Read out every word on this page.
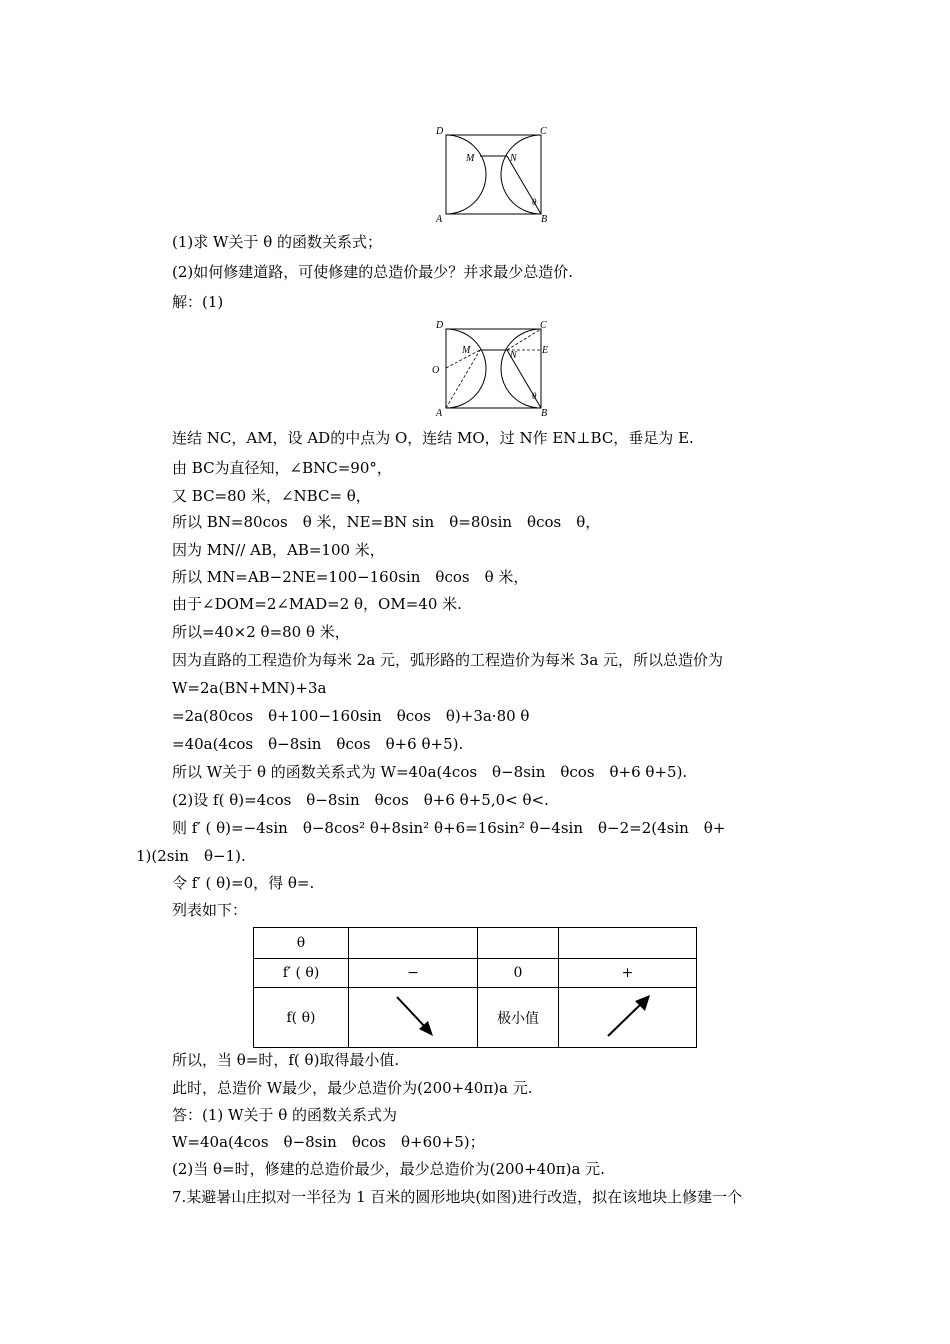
D	C
M	N
A	B
θ
(1)求 W关于 θ 的函数关系式；
(2)如何修建道路，可使修建的总造价最少？并求最少总造价.
解：(1)
D	C
M	N	E
O
A	B
θ
连结 NC，AM，设 AD的中点为 O，连结 MO，过 N作 EN⊥BC，垂足为 E.
由 BC为直径知，∠BNC=90°，
又 BC=80 米，∠NBC= θ，
所以 BN=80cos　θ 米，NE=BN sin　θ=80sin　θcos　θ，
因为 MN// AB，AB=100 米，
所以 MN=AB−2NE=100−160sin　θcos　θ 米，
由于∠DOM=2∠MAD=2 θ，OM=40 米.
所以=40×2 θ=80 θ 米，
因为直路的工程造价为每米 2a 元，弧形路的工程造价为每米 3a 元，所以总造价为
W=2a(BN+MN)+3a
=2a(80cos　θ+100−160sin　θcos　θ)+3a·80 θ
=40a(4cos　θ−8sin　θcos　θ+6 θ+5).
所以 W关于 θ 的函数关系式为 W=40a(4cos　θ−8sin　θcos　θ+6 θ+5).
(2)设 f( θ)=4cos　θ−8sin　θcos　θ+6 θ+5,0< θ<.
则 f′ ( θ)=−4sin　θ−8cos² θ+8sin² θ+6=16sin² θ−4sin　θ−2=2(4sin　θ+
1)(2sin　θ−1).
令 f′ ( θ)=0，得 θ=.
列表如下：
θ			
f′ ( θ)	−	0	+
f( θ)		极小值	
所以，当 θ=时，f( θ)取得最小值.
此时，总造价 W最少，最少总造价为(200+40π)a 元.
答：(1) W关于 θ 的函数关系式为
W=40a(4cos　θ−8sin　θcos　θ+60+5)；
(2)当 θ=时，修建的总造价最少，最少总造价为(200+40π)a 元.
7.某避暑山庄拟对一半径为 1 百米的圆形地块(如图)进行改造，拟在该地块上修建一个
